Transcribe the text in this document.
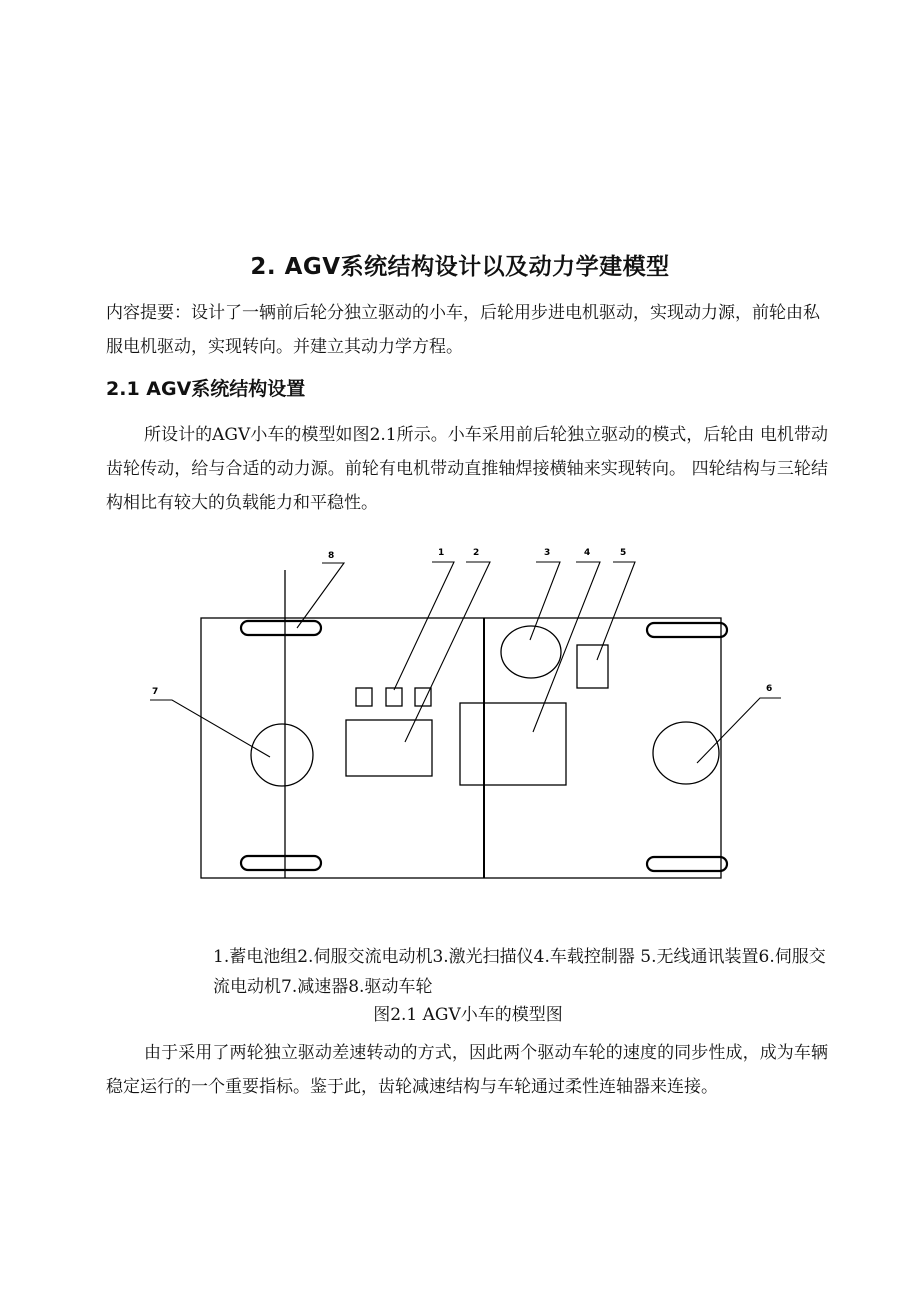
2. AGV系统结构设计以及动力学建模型
内容提要：设计了一辆前后轮分独立驱动的小车，后轮用步进电机驱动，实现动力源，前轮由私服电机驱动，实现转向。并建立其动力学方程。
2.1 AGV系统结构设置
所设计的AGV小车的模型如图2.1所示。小车采用前后轮独立驱动的模式，后轮由 电机带动齿轮传动，给与合适的动力源。前轮有电机带动直推轴焊接横轴来实现转向。 四轮结构与三轮结构相比有较大的负载能力和平稳性。
8	1	2	3	4	5
6
7
1.蓄电池组2.伺服交流电动机3.激光扫描仪4.车载控制器 5.无线通讯装置6.伺服交流电动机7.减速器8.驱动车轮
图2.1 AGV小车的模型图
由于采用了两轮独立驱动差速转动的方式，因此两个驱动车轮的速度的同步性成，成为车辆稳定运行的一个重要指标。鉴于此，齿轮减速结构与车轮通过柔性连轴器来连接。
